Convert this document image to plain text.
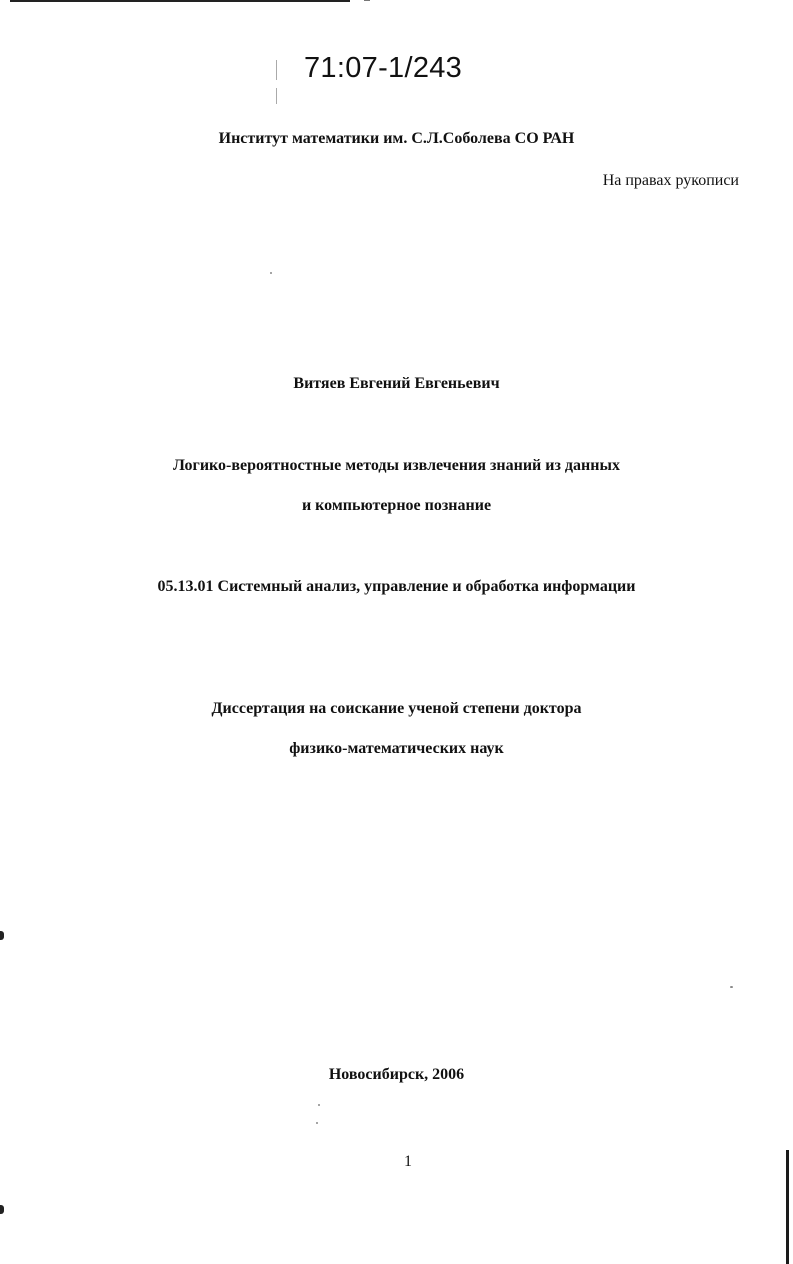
71:07-1/243
Институт математики им. С.Л.Соболева СО РАН
На правах рукописи
Витяев Евгений Евгеньевич
Логико-вероятностные методы извлечения знаний из данных
и компьютерное познание
05.13.01 Системный анализ, управление и обработка информации
Диссертация на соискание ученой степени доктора
физико-математических наук
Новосибирск, 2006
1
